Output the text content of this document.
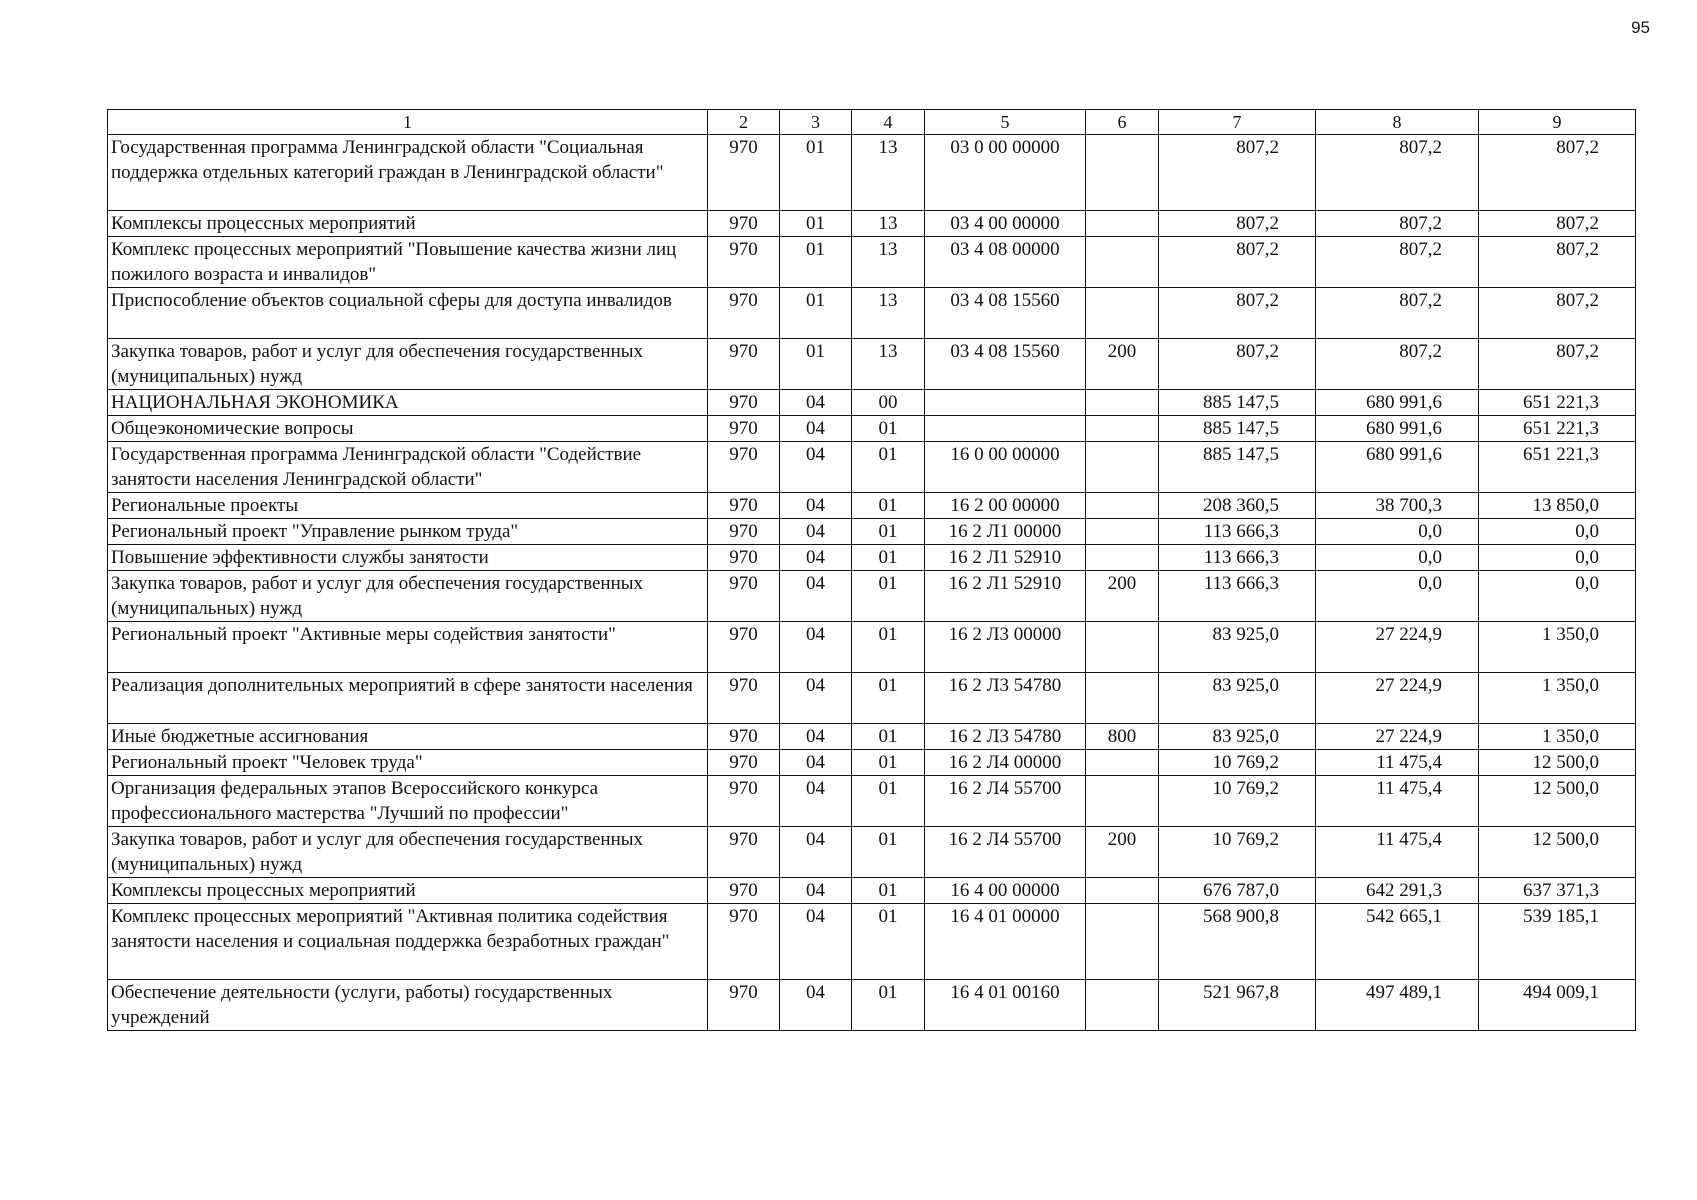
95
1	2	3	4	5	6	7	8	9
Государственная программа Ленинградской области "Социальная поддержка отдельных категорий граждан в Ленинградской области"	970	01	13	03 0 00 00000		807,2	807,2	807,2
Комплексы процессных мероприятий	970	01	13	03 4 00 00000		807,2	807,2	807,2
Комплекс процессных мероприятий "Повышение качества жизни лиц пожилого возраста и инвалидов"	970	01	13	03 4 08 00000		807,2	807,2	807,2
Приспособление объектов социальной сферы для доступа инвалидов	970	01	13	03 4 08 15560		807,2	807,2	807,2
Закупка товаров, работ и услуг для обеспечения государственных (муниципальных) нужд	970	01	13	03 4 08 15560	200	807,2	807,2	807,2
НАЦИОНАЛЬНАЯ ЭКОНОМИКА	970	04	00			885 147,5	680 991,6	651 221,3
Общеэкономические вопросы	970	04	01			885 147,5	680 991,6	651 221,3
Государственная программа Ленинградской области "Содействие занятости населения Ленинградской области"	970	04	01	16 0 00 00000		885 147,5	680 991,6	651 221,3
Региональные проекты	970	04	01	16 2 00 00000		208 360,5	38 700,3	13 850,0
Региональный проект "Управление рынком труда"	970	04	01	16 2 Л1 00000		113 666,3	0,0	0,0
Повышение эффективности службы занятости	970	04	01	16 2 Л1 52910		113 666,3	0,0	0,0
Закупка товаров, работ и услуг для обеспечения государственных (муниципальных) нужд	970	04	01	16 2 Л1 52910	200	113 666,3	0,0	0,0
Региональный проект "Активные меры содействия занятости"	970	04	01	16 2 Л3 00000		83 925,0	27 224,9	1 350,0
Реализация дополнительных мероприятий в сфере занятости населения	970	04	01	16 2 Л3 54780		83 925,0	27 224,9	1 350,0
Иные бюджетные ассигнования	970	04	01	16 2 Л3 54780	800	83 925,0	27 224,9	1 350,0
Региональный проект "Человек труда"	970	04	01	16 2 Л4 00000		10 769,2	11 475,4	12 500,0
Организация федеральных этапов Всероссийского конкурса профессионального мастерства "Лучший по профессии"	970	04	01	16 2 Л4 55700		10 769,2	11 475,4	12 500,0
Закупка товаров, работ и услуг для обеспечения государственных (муниципальных) нужд	970	04	01	16 2 Л4 55700	200	10 769,2	11 475,4	12 500,0
Комплексы процессных мероприятий	970	04	01	16 4 00 00000		676 787,0	642 291,3	637 371,3
Комплекс процессных мероприятий "Активная политика содействия занятости населения и социальная поддержка безработных граждан"	970	04	01	16 4 01 00000		568 900,8	542 665,1	539 185,1
Обеспечение деятельности (услуги, работы) государственных учреждений	970	04	01	16 4 01 00160		521 967,8	497 489,1	494 009,1
